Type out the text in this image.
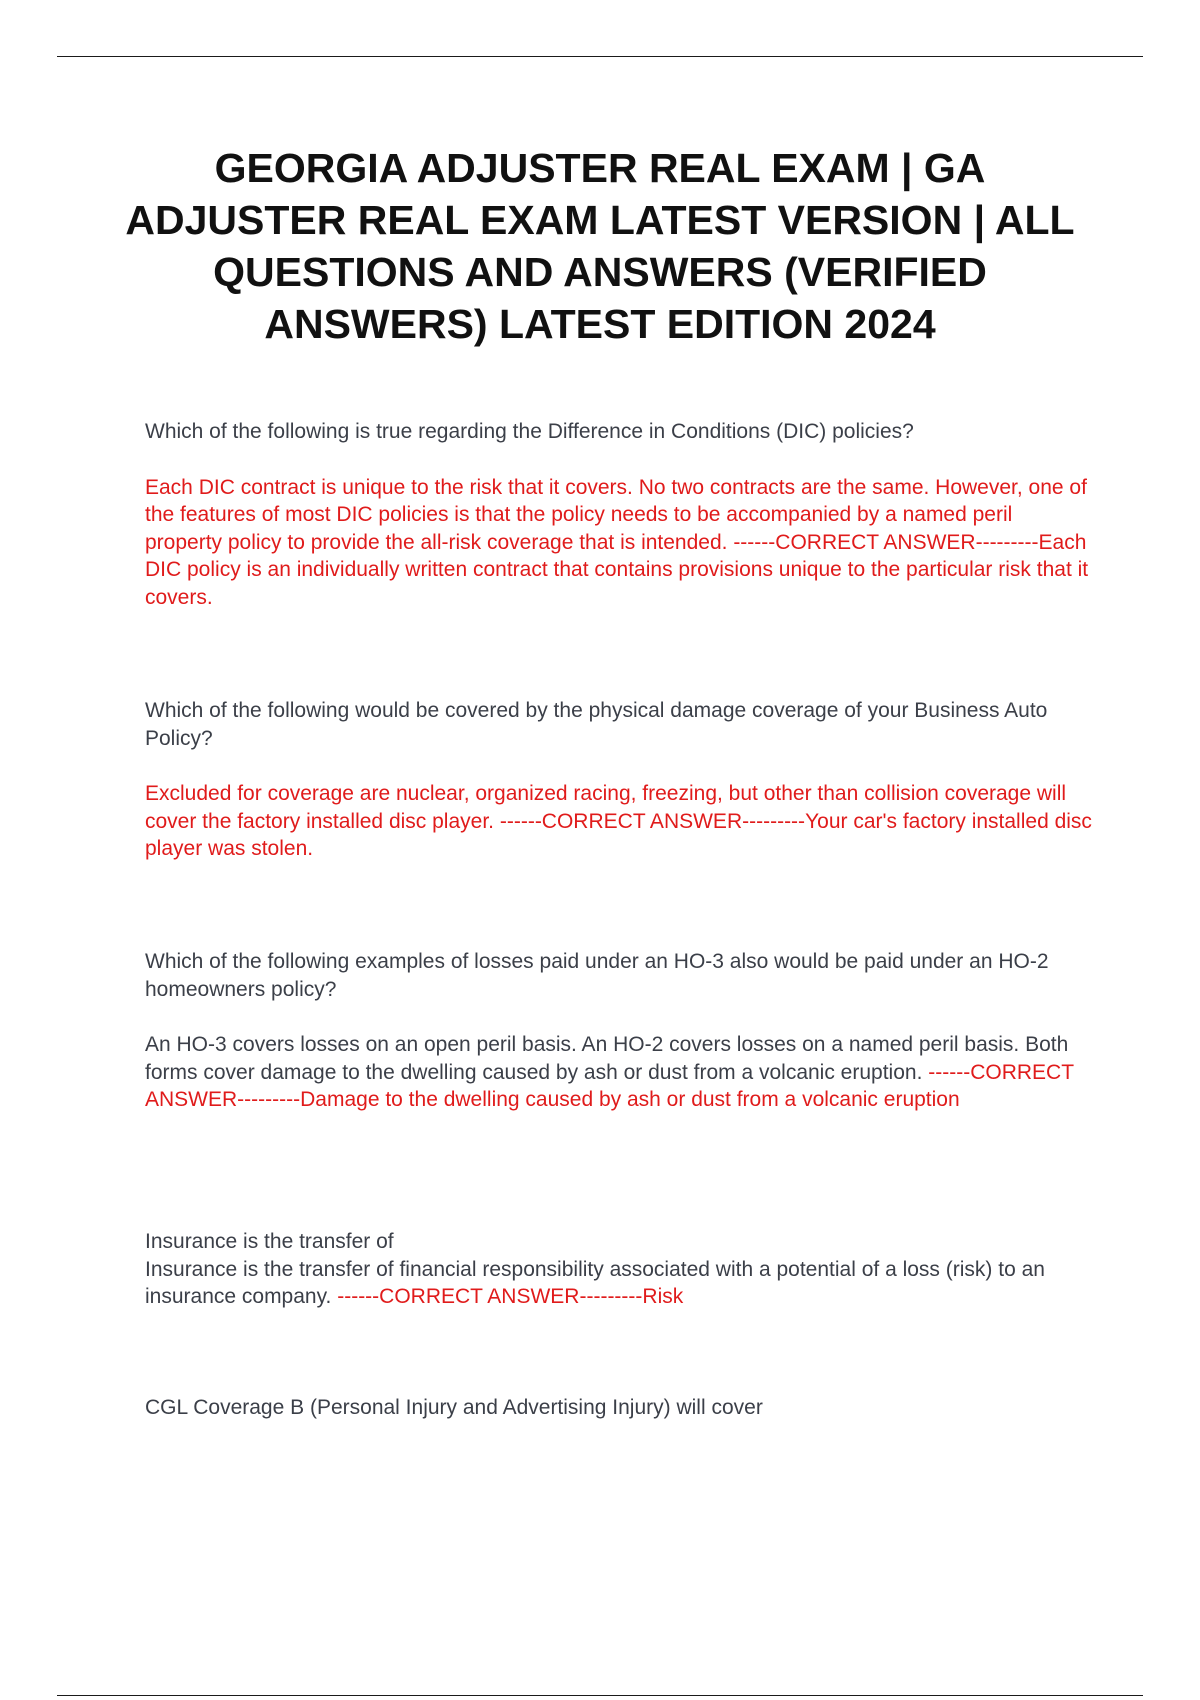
GEORGIA ADJUSTER REAL EXAM | GA ADJUSTER REAL EXAM LATEST VERSION | ALL QUESTIONS AND ANSWERS (VERIFIED ANSWERS) LATEST EDITION 2024

Which of the following is true regarding the Difference in Conditions (DIC) policies?

Each DIC contract is unique to the risk that it covers. No two contracts are the same. However, one of the features of most DIC policies is that the policy needs to be accompanied by a named peril property policy to provide the all-risk coverage that is intended. ------CORRECT ANSWER---------Each DIC policy is an individually written contract that contains provisions unique to the particular risk that it covers.

Which of the following would be covered by the physical damage coverage of your Business Auto Policy?

Excluded for coverage are nuclear, organized racing, freezing, but other than collision coverage will cover the factory installed disc player. ------CORRECT ANSWER---------Your car's factory installed disc player was stolen.

Which of the following examples of losses paid under an HO-3 also would be paid under an HO-2 homeowners policy?

An HO-3 covers losses on an open peril basis. An HO-2 covers losses on a named peril basis. Both forms cover damage to the dwelling caused by ash or dust from a volcanic eruption. ------CORRECT ANSWER---------Damage to the dwelling caused by ash or dust from a volcanic eruption

Insurance is the transfer of

Insurance is the transfer of financial responsibility associated with a potential of a loss (risk) to an insurance company. ------CORRECT ANSWER---------Risk

CGL Coverage B (Personal Injury and Advertising Injury) will cover
